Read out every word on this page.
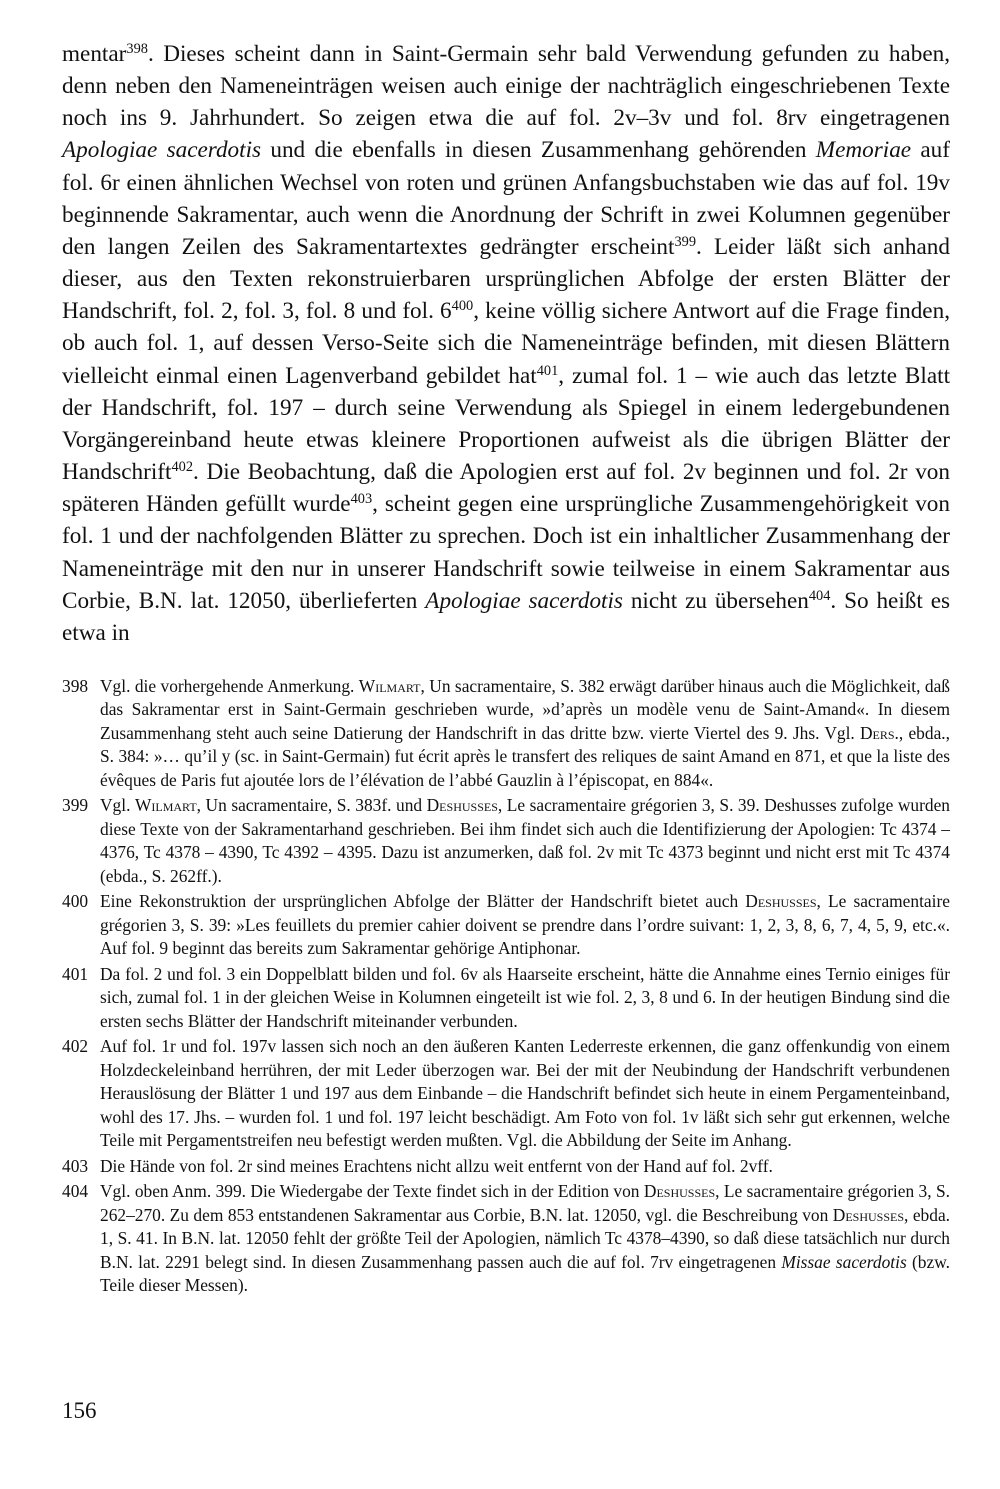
mentar$^{398}$. Dieses scheint dann in Saint-Germain sehr bald Verwendung gefunden zu haben, denn neben den Nameneinträgen weisen auch einige der nachträglich eingeschriebenen Texte noch ins 9. Jahrhundert. So zeigen etwa die auf fol. 2v–3v und fol. 8rv eingetragenen Apologiae sacerdotis und die ebenfalls in diesen Zusammenhang gehörenden Memoriae auf fol. 6r einen ähnlichen Wechsel von roten und grünen Anfangsbuchstaben wie das auf fol. 19v beginnende Sakramentar, auch wenn die Anordnung der Schrift in zwei Kolumnen gegenüber den langen Zeilen des Sakramentartextes gedrängter erscheint$^{399}$. Leider läßt sich anhand dieser, aus den Texten rekonstruierbaren ursprünglichen Abfolge der ersten Blätter der Handschrift, fol. 2, fol. 3, fol. 8 und fol. $6^{400}$, keine völlig sichere Antwort auf die Frage finden, ob auch fol. 1, auf dessen Verso-Seite sich die Nameneinträge befinden, mit diesen Blättern vielleicht einmal einen Lagenverband gebildet hat$^{401}$, zumal fol. 1 – wie auch das letzte Blatt der Handschrift, fol. 197 – durch seine Verwendung als Spiegel in einem ledergebundenen Vorgängereinband heute etwas kleinere Proportionen aufweist als die übrigen Blätter der Handschrift$^{402}$. Die Beobachtung, daß die Apologien erst auf fol. 2v beginnen und fol. 2r von späteren Händen gefüllt wurde$^{403}$, scheint gegen eine ursprüngliche Zusammengehörigkeit von fol. 1 und der nachfolgenden Blätter zu sprechen. Doch ist ein inhaltlicher Zusammenhang der Nameneinträge mit den nur in unserer Handschrift sowie teilweise in einem Sakramentar aus Corbie, B.N. lat. 12050, überlieferten Apologiae sacerdotis nicht zu übersehen$^{404}$. So heißt es etwa in

398 Vgl. die vorhergehende Anmerkung. Wilmart, Un sacramentaire, S. 382 erwägt darüber hinaus auch die Möglichkeit, daß das Sakramentar erst in Saint-Germain geschrieben wurde, »d’après un modèle venu de Saint-Amand«. In diesem Zusammenhang steht auch seine Datierung der Handschrift in das dritte bzw. vierte Viertel des 9. Jhs. Vgl. Ders., ebda., S. 384: »… qu’il y (sc. in Saint-Germain) fut écrit après le transfert des reliques de saint Amand en 871, et que la liste des évêques de Paris fut ajoutée lors de l’élévation de l’abbé Gauzlin à l’épiscopat, en 884«.
399 Vgl. Wilmart, Un sacramentaire, S. 383f. und Deshusses, Le sacramentaire grégorien 3, S. 39. Deshusses zufolge wurden diese Texte von der Sakramentarhand geschrieben. Bei ihm findet sich auch die Identifizierung der Apologien: Tc 4374 – 4376, Tc 4378 – 4390, Tc 4392 – 4395. Dazu ist anzumerken, daß fol. 2v mit Tc 4373 beginnt und nicht erst mit Tc 4374 (ebda., S. 262ff.).
400 Eine Rekonstruktion der ursprünglichen Abfolge der Blätter der Handschrift bietet auch Deshusses, Le sacramentaire grégorien 3, S. 39: »Les feuillets du premier cahier doivent se prendre dans l’ordre suivant: 1, 2, 3, 8, 6, 7, 4, 5, 9, etc.«. Auf fol. 9 beginnt das bereits zum Sakramentar gehörige Antiphonar.
401 Da fol. 2 und fol. 3 ein Doppelblatt bilden und fol. 6v als Haarseite erscheint, hätte die Annahme eines Ternio einiges für sich, zumal fol. 1 in der gleichen Weise in Kolumnen eingeteilt ist wie fol. 2, 3, 8 und 6. In der heutigen Bindung sind die ersten sechs Blätter der Handschrift miteinander verbunden.
402 Auf fol. 1r und fol. 197v lassen sich noch an den äußeren Kanten Lederreste erkennen, die ganz offenkundig von einem Holzdeckeleinband herrühren, der mit Leder überzogen war. Bei der mit der Neubindung der Handschrift verbundenen Herauslösung der Blätter 1 und 197 aus dem Einbande – die Handschrift befindet sich heute in einem Pergamenteinband, wohl des 17. Jhs. – wurden fol. 1 und fol. 197 leicht beschädigt. Am Foto von fol. 1v läßt sich sehr gut erkennen, welche Teile mit Pergamentstreifen neu befestigt werden mußten. Vgl. die Abbildung der Seite im Anhang.
403 Die Hände von fol. 2r sind meines Erachtens nicht allzu weit entfernt von der Hand auf fol. 2vff.
404 Vgl. oben Anm. 399. Die Wiedergabe der Texte findet sich in der Edition von Deshusses, Le sacramentaire grégorien 3, S. 262–270. Zu dem 853 entstandenen Sakramentar aus Corbie, B.N. lat. 12050, vgl. die Beschreibung von Deshusses, ebda. 1, S. 41. In B.N. lat. 12050 fehlt der größte Teil der Apologien, nämlich Tc 4378–4390, so daß diese tatsächlich nur durch B.N. lat. 2291 belegt sind. In diesen Zusammenhang passen auch die auf fol. 7rv eingetragenen Missae sacerdotis (bzw. Teile dieser Messen).
156
